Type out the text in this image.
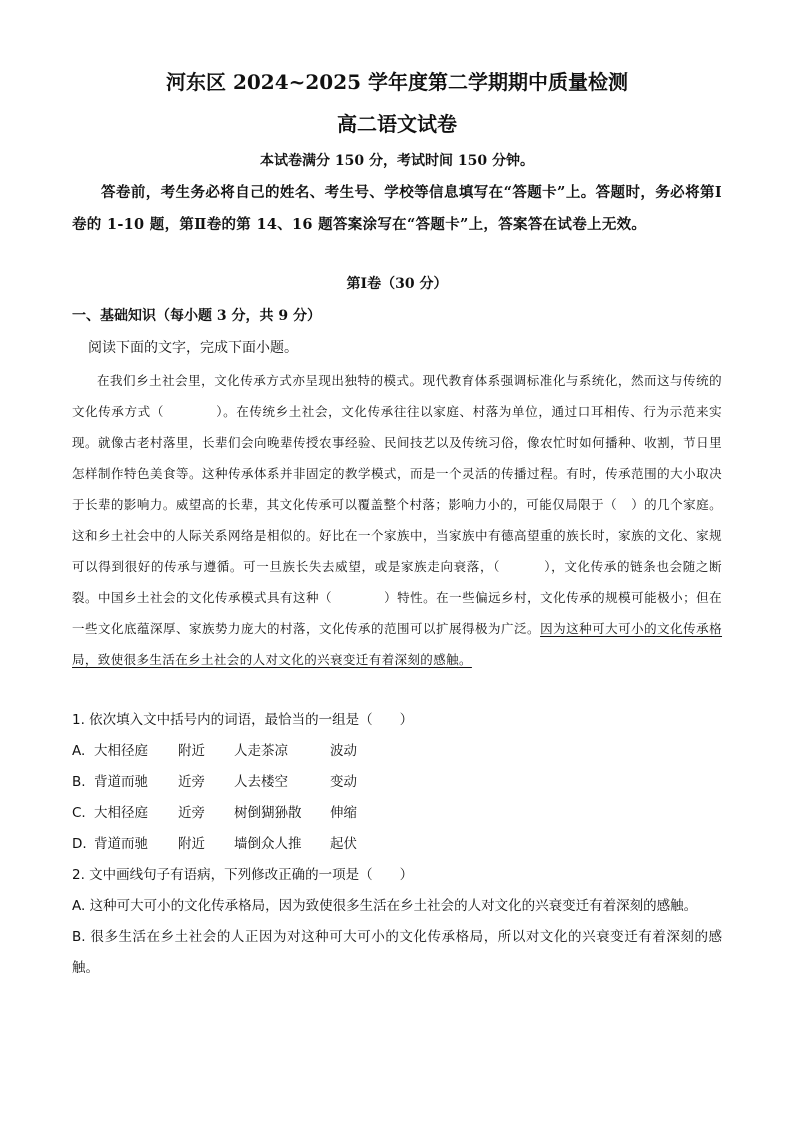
河东区 2024~2025 学年度第二学期期中质量检测
高二语文试卷
本试卷满分 150 分，考试时间 150 分钟。

答卷前，考生务必将自己的姓名、考生号、学校等信息填写在“答题卡”上。答题时，务必将第Ⅰ卷的 1-10 题，第Ⅱ卷的第 14、16 题答案涂写在“答题卡”上，答案答在试卷上无效。

第Ⅰ卷（30 分）
一、基础知识（每小题 3 分，共 9 分）
阅读下面的文字，完成下面小题。

在我们乡土社会里，文化传承方式亦呈现出独特的模式。现代教育体系强调标准化与系统化，然而这与传统的文化传承方式（	）。在传统乡土社会，文化传承往往以家庭、村落为单位，通过口耳相传、行为示范来实现。就像古老村落里，长辈们会向晚辈传授农事经验、民间技艺以及传统习俗，像农忙时如何播种、收割，节日里怎样制作特色美食等。这种传承体系并非固定的教学模式，而是一个灵活的传播过程。有时，传承范围的大小取决于长辈的影响力。威望高的长辈，其文化传承可以覆盖整个村落；影响力小的，可能仅局限于（ ）的几个家庭。这和乡土社会中的人际关系网络是相似的。好比在一个家族中，当家族中有德高望重的族长时，家族的文化、家规可以得到很好的传承与遵循。可一旦族长失去威望，或是家族走向衰落，（	），文化传承的链条也会随之断裂。中国乡土社会的文化传承模式具有这种（	）特性。在一些偏远乡村，文化传承的规模可能极小；但在一些文化底蕴深厚、家族势力庞大的村落，文化传承的范围可以扩展得极为广泛。因为这种可大可小的文化传承格局，致使很多生活在乡土社会的人对文化的兴衰变迁有着深刻的感触。

1. 依次填入文中括号内的词语，最恰当的一组是（　　）

A. 大相径庭 附近 人走茶凉	波动

B. 背道而驰 近旁 人去楼空	变动

C. 大相径庭 近旁 树倒猢狲散 伸缩

D. 背道而驰 附近 墙倒众人推 起伏

2. 文中画线句子有语病，下列修改正确的一项是（　　）

A. 这种可大可小的文化传承格局，因为致使很多生活在乡土社会的人对文化的兴衰变迁有着深刻的感触。

B. 很多生活在乡土社会的人正因为对这种可大可小的文化传承格局，所以对文化的兴衰变迁有着深刻的感触。
